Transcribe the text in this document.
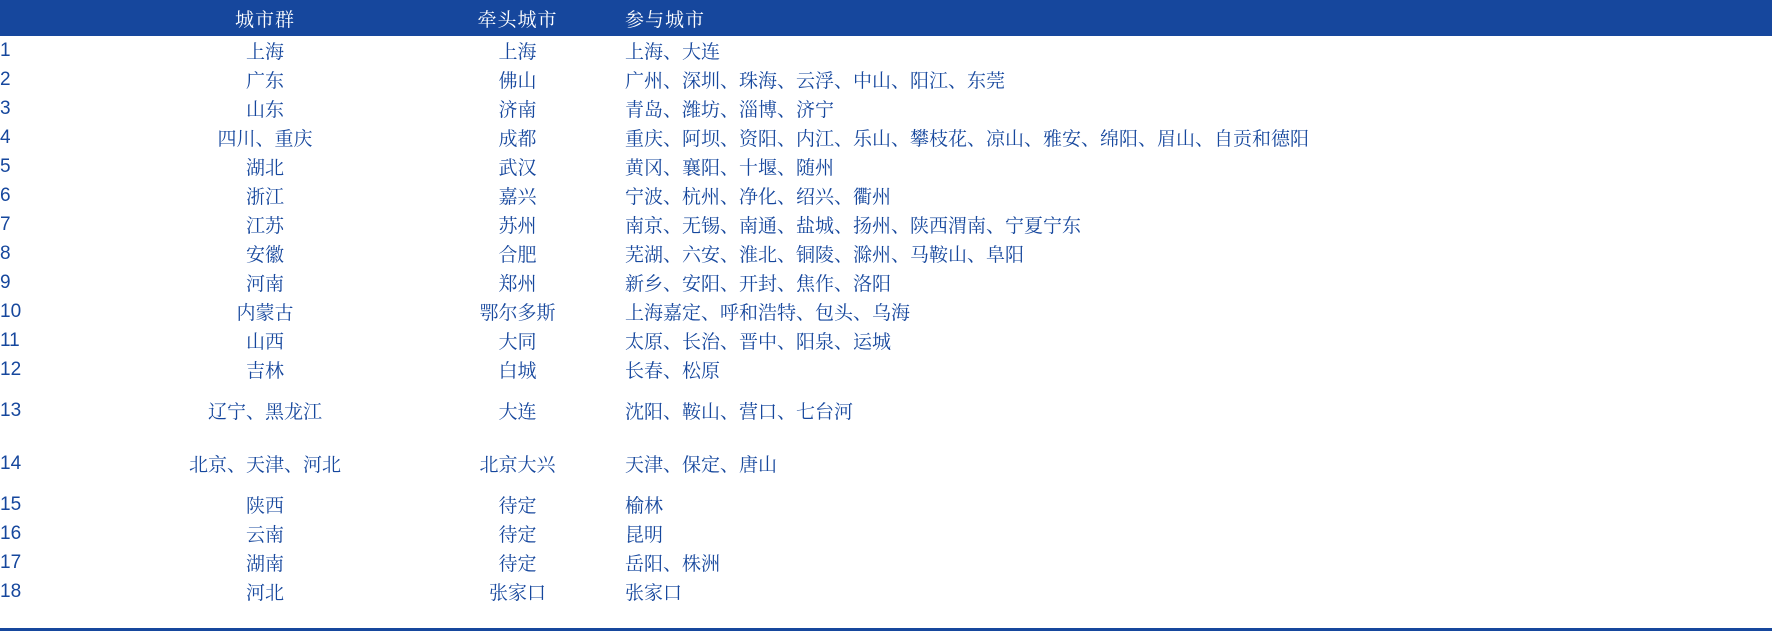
	城市群	牵头城市	参与城市
1	上海	上海	上海、大连
2	广东	佛山	广州、深圳、珠海、云浮、中山、阳江、东莞
3	山东	济南	青岛、潍坊、淄博、济宁
4	四川、重庆	成都	重庆、阿坝、资阳、内江、乐山、攀枝花、凉山、雅安、绵阳、眉山、自贡和德阳
5	湖北	武汉	黄冈、襄阳、十堰、随州
6	浙江	嘉兴	宁波、杭州、净化、绍兴、衢州
7	江苏	苏州	南京、无锡、南通、盐城、扬州、陕西渭南、宁夏宁东
8	安徽	合肥	芜湖、六安、淮北、铜陵、滁州、马鞍山、阜阳
9	河南	郑州	新乡、安阳、开封、焦作、洛阳
10	内蒙古	鄂尔多斯	上海嘉定、呼和浩特、包头、乌海
11	山西	大同	太原、长治、晋中、阳泉、运城
12	吉林	白城	长春、松原
13	辽宁、黑龙江	大连	沈阳、鞍山、营口、七台河
14	北京、天津、河北	北京大兴	天津、保定、唐山
15	陕西	待定	榆林
16	云南	待定	昆明
17	湖南	待定	岳阳、株洲
18	河北	张家口	张家口
